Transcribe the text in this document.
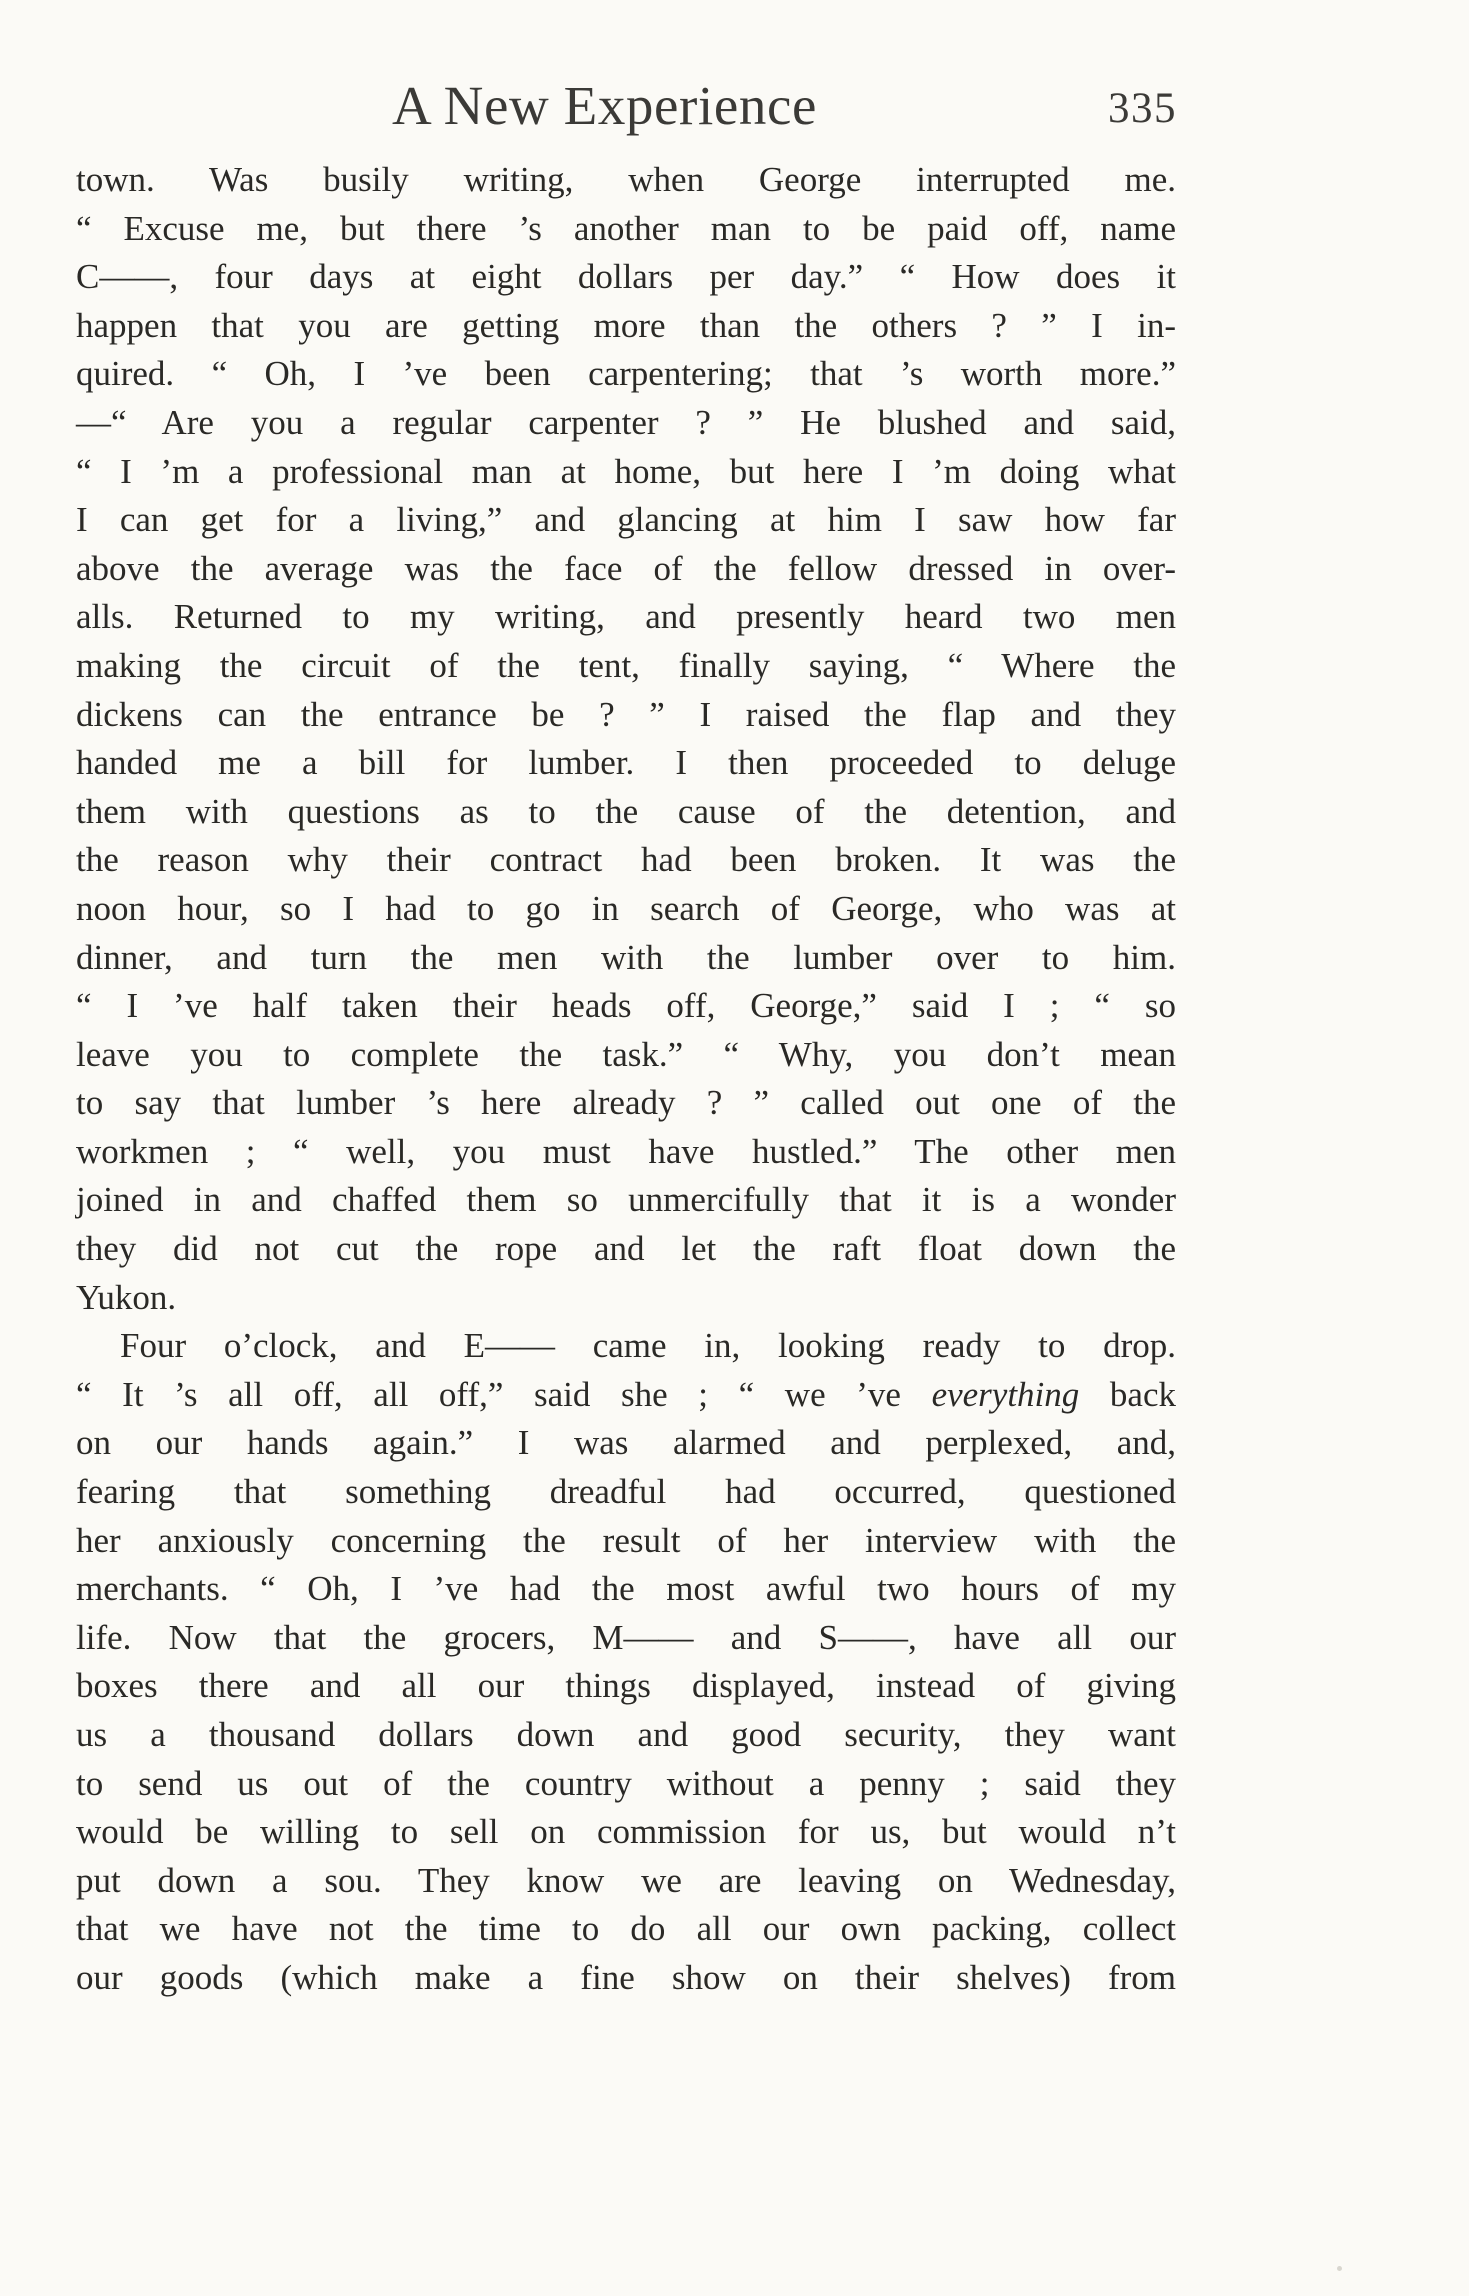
A New Experience	335
town. Was busily writing, when George interrupted me.
“ Excuse me, but there ’s another man to be paid off, name
C——, four days at eight dollars per day.” “ How does it
happen that you are getting more than the others ? ” I in-
quired. “ Oh, I ’ve been carpentering; that ’s worth more.”
—“ Are you a regular carpenter ? ” He blushed and said,
“ I ’m a professional man at home, but here I ’m doing what
I can get for a living,” and glancing at him I saw how far
above the average was the face of the fellow dressed in over-
alls. Returned to my writing, and presently heard two men
making the circuit of the tent, finally saying, “ Where the
dickens can the entrance be ? ” I raised the flap and they
handed me a bill for lumber. I then proceeded to deluge
them with questions as to the cause of the detention, and
the reason why their contract had been broken. It was the
noon hour, so I had to go in search of George, who was at
dinner, and turn the men with the lumber over to him.
“ I ’ve half taken their heads off, George,” said I ; “ so
leave you to complete the task.” “ Why, you don’t mean
to say that lumber ’s here already ? ” called out one of the
workmen ; “ well, you must have hustled.” The other men
joined in and chaffed them so unmercifully that it is a wonder
they did not cut the rope and let the raft float down the
Yukon.
Four o’clock, and E—— came in, looking ready to drop.
“ It ’s all off, all off,” said she ; “ we ’ve everything back
on our hands again.” I was alarmed and perplexed, and,
fearing that something dreadful had occurred, questioned
her anxiously concerning the result of her interview with the
merchants. “ Oh, I ’ve had the most awful two hours of my
life. Now that the grocers, M—— and S——, have all our
boxes there and all our things displayed, instead of giving
us a thousand dollars down and good security, they want
to send us out of the country without a penny ; said they
would be willing to sell on commission for us, but would n’t
put down a sou. They know we are leaving on Wednesday,
that we have not the time to do all our own packing, collect
our goods (which make a fine show on their shelves) from
